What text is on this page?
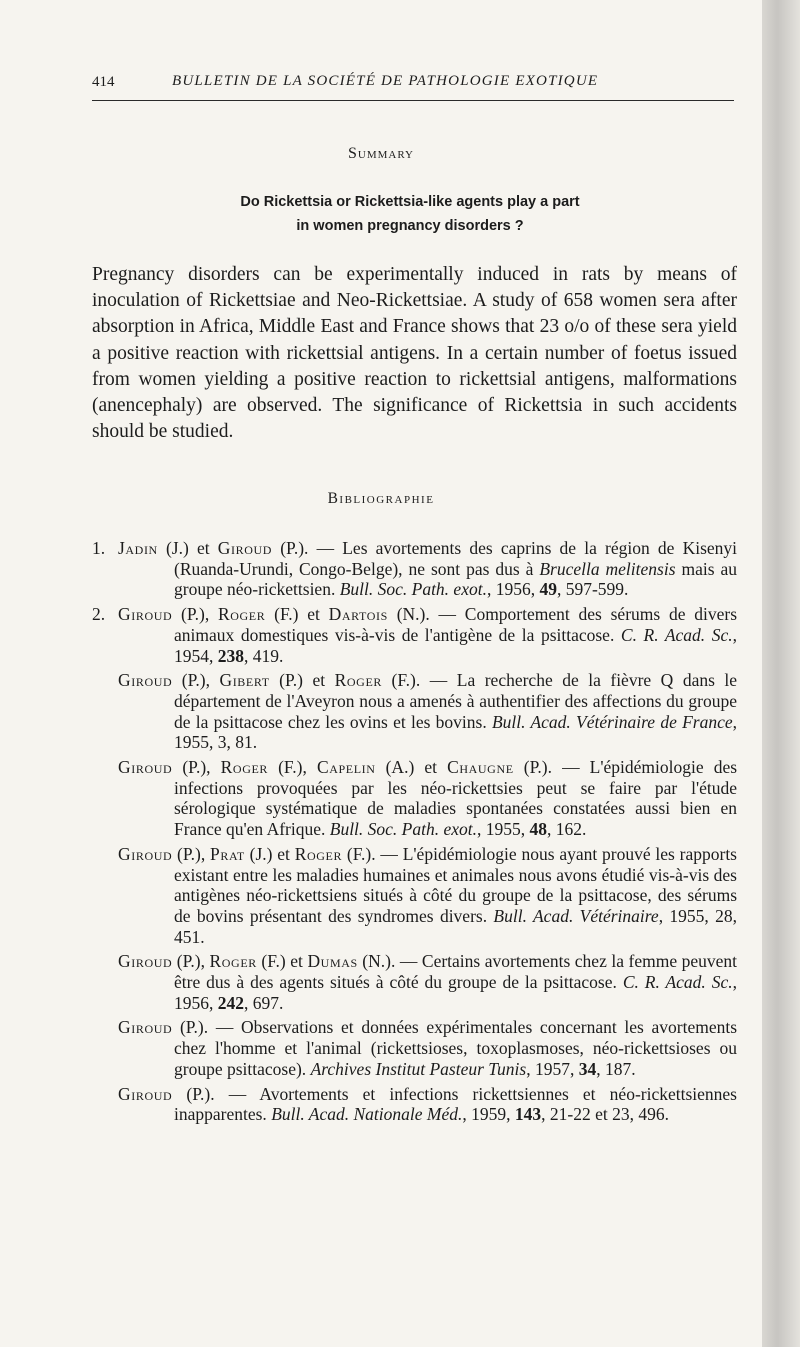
414	BULLETIN DE LA SOCIÉTÉ DE PATHOLOGIE EXOTIQUE
Summary
Do Rickettsia or Rickettsia-like agents play a part
in women pregnancy disorders ?
Pregnancy disorders can be experimentally induced in rats by means of inoculation of Rickettsiae and Neo-Rickettsiae. A study of 658 women sera after absorption in Africa, Middle East and France shows that 23 o/o of these sera yield a positive reaction with rickettsial antigens. In a certain number of foetus issued from women yielding a positive reaction to rickettsial antigens, malformations (anencephaly) are observed. The significance of Rickettsia in such accidents should be studied.
Bibliographie

1. Jadin (J.) et Giroud (P.). — Les avortements des caprins de la région de Kisenyi (Ruanda-Urundi, Congo-Belge), ne sont pas dus à Brucella melitensis mais au groupe néo-rickettsien. Bull. Soc. Path. exot., 1956, 49, 597-599.

2. Giroud (P.), Roger (F.) et Dartois (N.). — Comportement des sérums de divers animaux domestiques vis-à-vis de l'antigène de la psittacose. C. R. Acad. Sc., 1954, 238, 419.

Giroud (P.), Gibert (P.) et Roger (F.). — La recherche de la fièvre Q dans le département de l'Aveyron nous a amenés à authentifier des affections du groupe de la psittacose chez les ovins et les bovins. Bull. Acad. Vétérinaire de France, 1955, 3, 81.

Giroud (P.), Roger (F.), Capelin (A.) et Chaugne (P.). — L'épidémiologie des infections provoquées par les néo-rickettsies peut se faire par l'étude sérologique systématique de maladies spontanées constatées aussi bien en France qu'en Afrique. Bull. Soc. Path. exot., 1955, 48, 162.

Giroud (P.), Prat (J.) et Roger (F.). — L'épidémiologie nous ayant prouvé les rapports existant entre les maladies humaines et animales nous avons étudié vis-à-vis des antigènes néo-rickettsiens situés à côté du groupe de la psittacose, des sérums de bovins présentant des syndromes divers. Bull. Acad. Vétérinaire, 1955, 28, 451.

Giroud (P.), Roger (F.) et Dumas (N.). — Certains avortements chez la femme peuvent être dus à des agents situés à côté du groupe de la psittacose. C. R. Acad. Sc., 1956, 242, 697.

Giroud (P.). — Observations et données expérimentales concernant les avortements chez l'homme et l'animal (rickettsioses, toxoplasmoses, néo-rickettsioses ou groupe psittacose). Archives Institut Pasteur Tunis, 1957, 34, 187.

Giroud (P.). — Avortements et infections rickettsiennes et néo-rickettsiennes inapparentes. Bull. Acad. Nationale Méd., 1959, 143, 21-22 et 23, 496.
